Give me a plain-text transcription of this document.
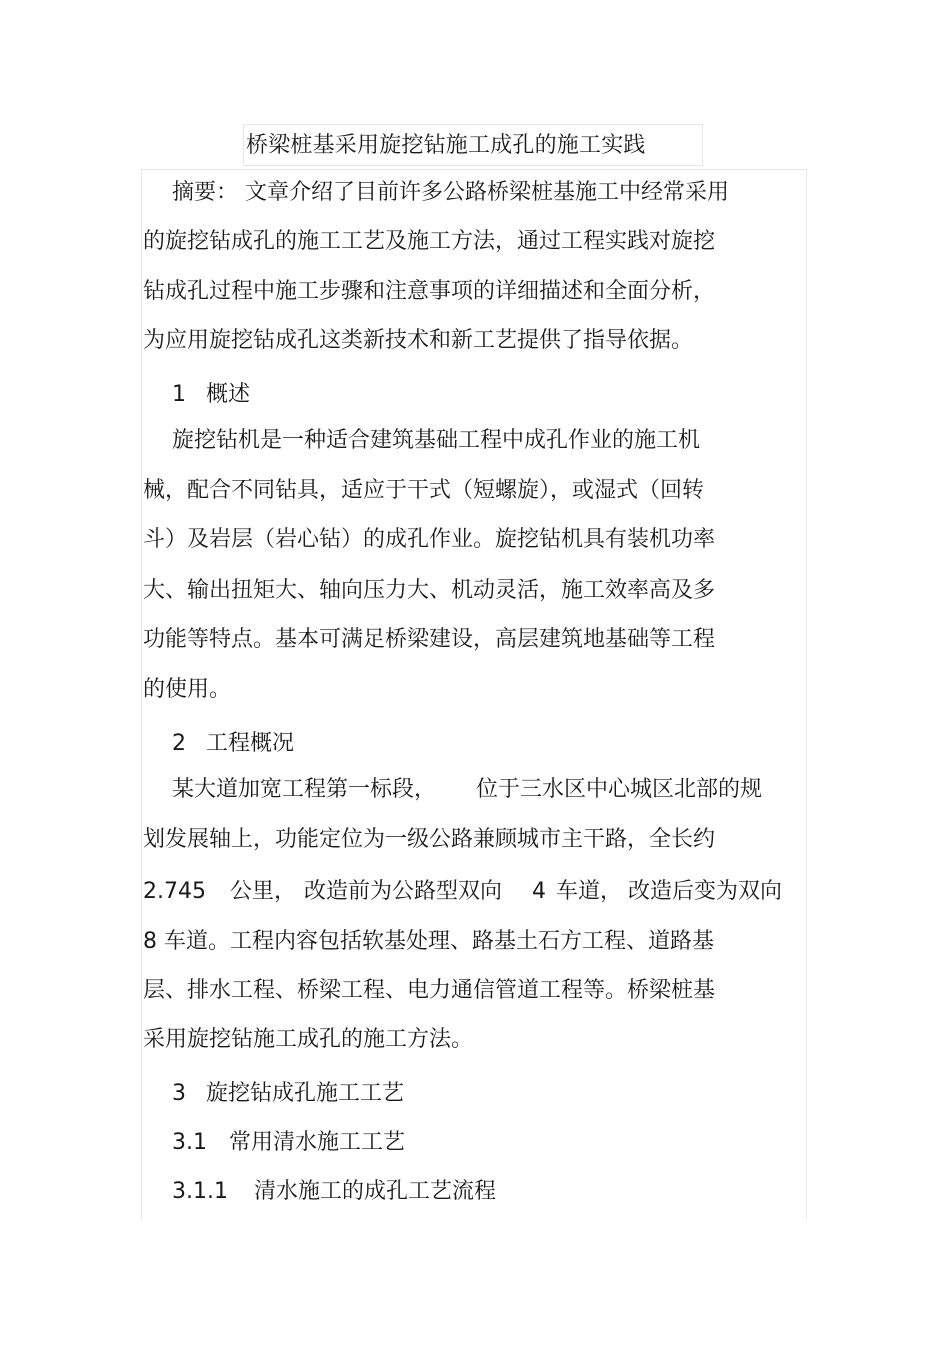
桥梁桩基采用旋挖钻施工成孔的施工实践
摘要： 文章介绍了目前许多公路桥梁桩基施工中经常采用
的旋挖钻成孔的施工工艺及施工方法，通过工程实践对旋挖
钻成孔过程中施工步骤和注意事项的详细描述和全面分析，
为应用旋挖钻成孔这类新技术和新工艺提供了指导依据。
1 概述
旋挖钻机是一种适合建筑基础工程中成孔作业的施工机
械，配合不同钻具，适应于干式（短螺旋），或湿式（回转
斗）及岩层（岩心钻）的成孔作业。旋挖钻机具有装机功率
大、输出扭矩大、轴向压力大、机动灵活，施工效率高及多
功能等特点。基本可满足桥梁建设，高层建筑地基础等工程
的使用。
2 工程概况
某大道加宽工程第一标段， 位于三水区中心城区北部的规
划发展轴上，功能定位为一级公路兼顾城市主干路，全长约
2.745 公里， 改造前为公路型双向 4 车道， 改造后变为双向
8 车道。工程内容包括软基处理、路基土石方工程、道路基
层、排水工程、桥梁工程、电力通信管道工程等。桥梁桩基
采用旋挖钻施工成孔的施工方法。
3 旋挖钻成孔施工工艺
3.1 常用清水施工工艺
3.1.1 清水施工的成孔工艺流程
